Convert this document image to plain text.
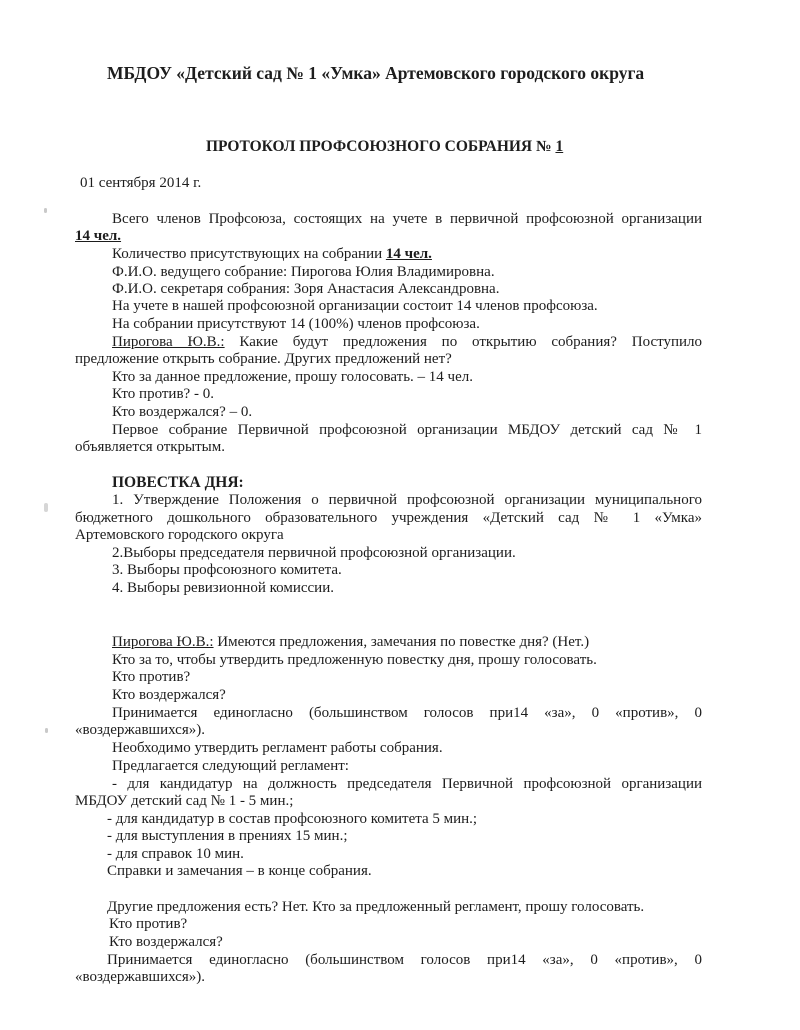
МБДОУ «Детский сад № 1 «Умка» Артемовского городского округа
ПРОТОКОЛ ПРОФСОЮЗНОГО СОБРАНИЯ № 1
01 сентября 2014 г.
Всего членов Профсоюза, состоящих на учете в первичной профсоюзной организации
14 чел.
Количество присутствующих на собрании 14 чел.
Ф.И.О. ведущего собрание: Пирогова Юлия Владимировна.
Ф.И.О. секретаря собрания: Зоря Анастасия Александровна.
На учете в нашей профсоюзной организации состоит 14 членов профсоюза.
На собрании присутствуют 14 (100%) членов профсоюза.
Пирогова Ю.В.: Какие будут предложения по открытию собрания? Поступило
предложение открыть собрание. Других предложений нет?
Кто за данное предложение, прошу голосовать. – 14 чел.
Кто против? - 0.
Кто воздержался? – 0.
Первое собрание Первичной профсоюзной организации МБДОУ детский сад № 1
объявляется открытым.
ПОВЕСТКА ДНЯ:
1. Утверждение Положения о первичной профсоюзной организации муниципального
бюджетного дошкольного образовательного учреждения «Детский сад № 1 «Умка»
Артемовского городского округа
2.Выборы председателя первичной профсоюзной организации.
3. Выборы профсоюзного комитета.
4. Выборы ревизионной комиссии.
Пирогова Ю.В.: Имеются предложения, замечания по повестке дня? (Нет.)
Кто за то, чтобы утвердить предложенную повестку дня, прошу голосовать.
Кто против?
Кто воздержался?
Принимается единогласно (большинством голосов при14 «за», 0 «против», 0
«воздержавшихся»).
Необходимо утвердить регламент работы собрания.
Предлагается следующий регламент:
- для кандидатур на должность председателя Первичной профсоюзной организации
МБДОУ детский сад № 1 - 5 мин.;
- для кандидатур в состав профсоюзного комитета 5 мин.;
- для выступления в прениях 15 мин.;
- для справок 10 мин.
Справки и замечания – в конце собрания.
Другие предложения есть? Нет. Кто за предложенный регламент, прошу голосовать.
Кто против?
Кто воздержался?
Принимается единогласно (большинством голосов при14 «за», 0 «против», 0
«воздержавшихся»).
